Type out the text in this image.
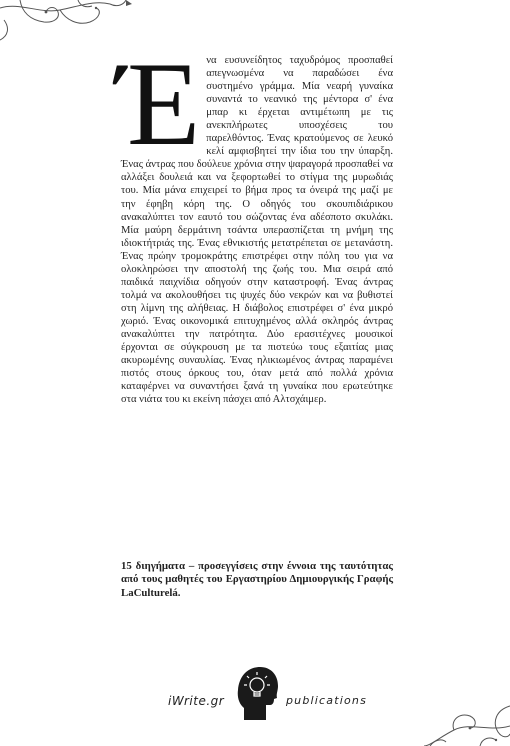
Έ να ευσυνείδητος ταχυδρόμος προσπαθεί απεγνωσμένα να παραδώσει ένα συστημένο γράμμα. Μία νεαρή γυναίκα συναντά το νεανικό της μέντορα σ' ένα μπαρ κι έρχεται αντιμέτωπη με τις ανεκπλήρωτες υποσχέσεις του παρελθόντος. Ένας κρατούμενος σε λευκό κελί αμφισβητεί την ίδια του την ύπαρξη. Ένας άντρας που δούλευε χρόνια στην ψαραγορά προσπαθεί να αλλάξει δουλειά και να ξεφορτωθεί το στίγμα της μυρωδιάς του. Μία μάνα επιχειρεί το βήμα προς τα όνειρά της μαζί με την έφηβη κόρη της. Ο οδηγός του σκουπιδιάρικου ανακαλύπτει τον εαυτό του σώζοντας ένα αδέσποτο σκυλάκι. Μία μαύρη δερμάτινη τσάντα υπερασπίζεται τη μνήμη της ιδιοκτήτριάς της. Ένας εθνικιστής μετατρέπεται σε μετανάστη. Ένας πρώην τρομοκράτης επιστρέφει στην πόλη του για να ολοκληρώσει την αποστολή της ζωής του. Μια σειρά από παιδικά παιχνίδια οδηγούν στην καταστροφή. Ένας άντρας τολμά να ακολουθήσει τις ψυχές δύο νεκρών και να βυθιστεί στη λίμνη της αλήθειας. Η διάβολος επιστρέφει σ' ένα μικρό χωριό. Ένας οικονομικά επιτυχημένος αλλά σκληρός άντρας ανακαλύπτει την πατρότητα. Δύο ερασιτέχνες μουσικοί έρχονται σε σύγκρουση με τα πιστεύω τους εξαιτίας μιας ακυρωμένης συναυλίας. Ένας ηλικιωμένος άντρας παραμένει πιστός στους όρκους του, όταν μετά από πολλά χρόνια καταφέρνει να συναντήσει ξανά τη γυναίκα που ερωτεύτηκε στα νιάτα του κι εκείνη πάσχει από Αλτσχάιμερ.

15 διηγήματα – προσεγγίσεις στην έννοια της ταυτότητας από τους μαθητές του Εργαστηρίου Δημιουργικής Γραφής LaCulturelá.

iWrite.gr	publications
